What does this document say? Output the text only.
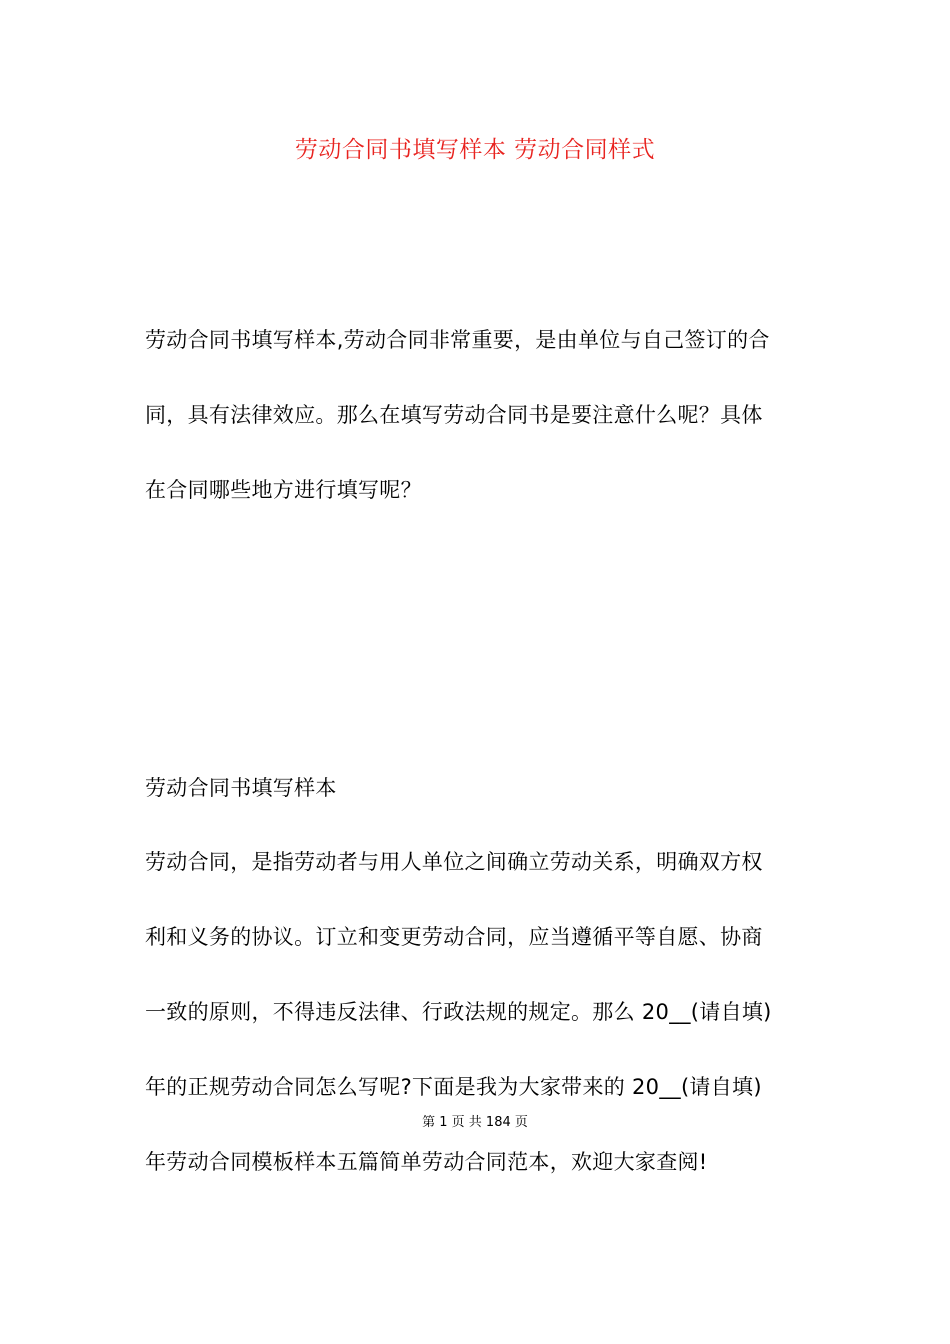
劳动合同书填写样本 劳动合同样式
劳动合同书填写样本,劳动合同非常重要，是由单位与自己签订的合
同，具有法律效应。那么在填写劳动合同书是要注意什么呢？具体
在合同哪些地方进行填写呢？
劳动合同书填写样本
劳动合同，是指劳动者与用人单位之间确立劳动关系，明确双方权
利和义务的协议。订立和变更劳动合同，应当遵循平等自愿、协商
一致的原则，不得违反法律、行政法规的规定。那么 20__(请自填)
年的正规劳动合同怎么写呢?下面是我为大家带来的 20__(请自填)
第 1 页 共 184 页
年劳动合同模板样本五篇简单劳动合同范本，欢迎大家查阅!
